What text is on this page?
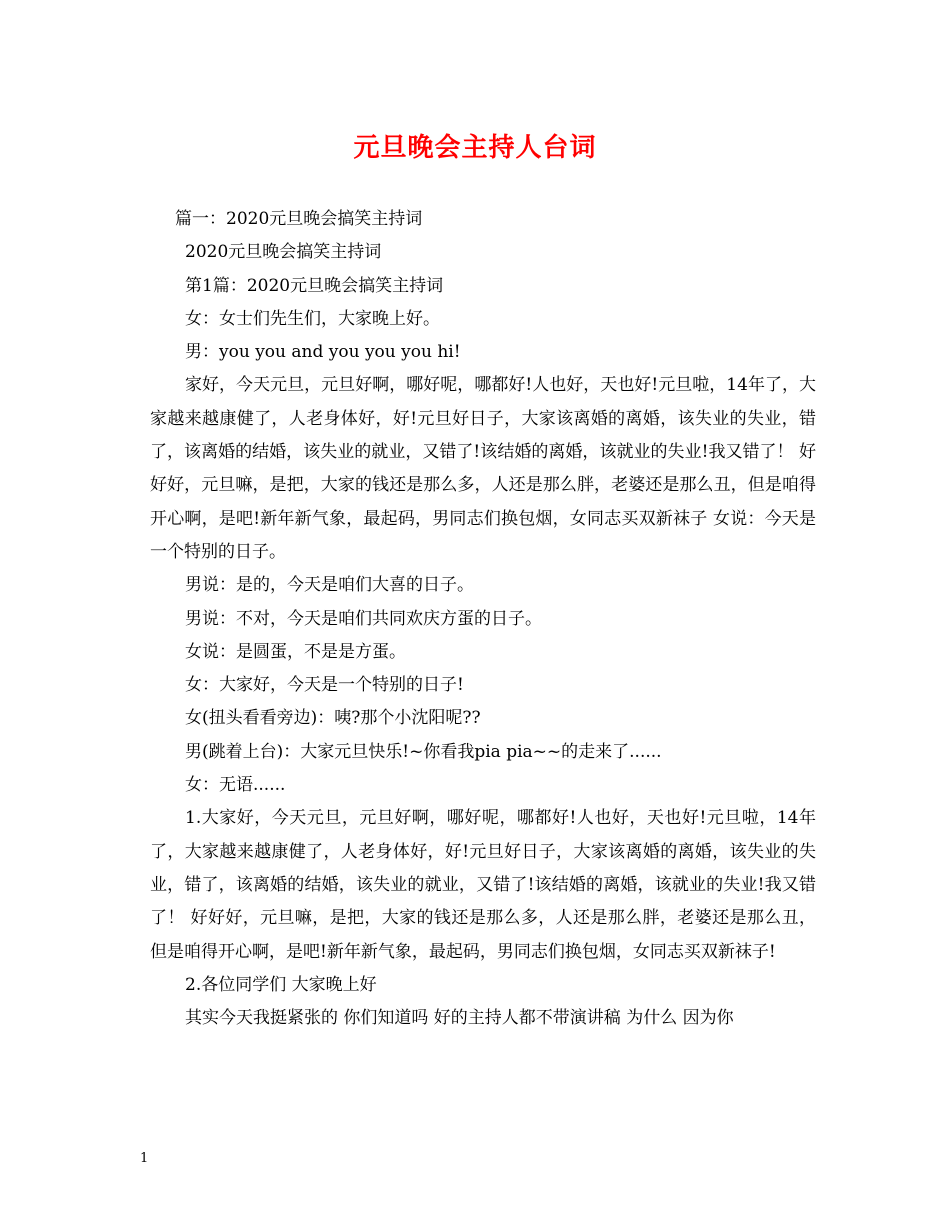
元旦晚会主持人台词

篇一：2020元旦晚会搞笑主持词

2020元旦晚会搞笑主持词

第1篇：2020元旦晚会搞笑主持词

女：女士们先生们，大家晚上好。

男：you you and you you you hi!

家好，今天元旦，元旦好啊，哪好呢，哪都好!人也好，天也好!元旦啦，14年了，大家越来越康健了，人老身体好，好!元旦好日子，大家该离婚的离婚，该失业的失业，错了，该离婚的结婚，该失业的就业，又错了!该结婚的离婚，该就业的失业!我又错了！ 好好好，元旦嘛，是把，大家的钱还是那么多，人还是那么胖，老婆还是那么丑，但是咱得开心啊，是吧!新年新气象，最起码，男同志们换包烟，女同志买双新袜子 女说：今天是一个特别的日子。

男说：是的，今天是咱们大喜的日子。

男说：不对，今天是咱们共同欢庆方蛋的日子。

女说：是圆蛋，不是是方蛋。

女：大家好，今天是一个特别的日子!

女(扭头看看旁边)：咦?那个小沈阳呢??

男(跳着上台)：大家元旦快乐!~你看我pia pia~~的走来了......

女：无语......

1.大家好，今天元旦，元旦好啊，哪好呢，哪都好!人也好，天也好!元旦啦，14年了，大家越来越康健了，人老身体好，好!元旦好日子，大家该离婚的离婚，该失业的失业，错了，该离婚的结婚，该失业的就业，又错了!该结婚的离婚，该就业的失业!我又错了！ 好好好，元旦嘛，是把，大家的钱还是那么多，人还是那么胖，老婆还是那么丑，但是咱得开心啊，是吧!新年新气象，最起码，男同志们换包烟，女同志买双新袜子!

2.各位同学们 大家晚上好

其实今天我挺紧张的 你们知道吗 好的主持人都不带演讲稿 为什么 因为你

1
